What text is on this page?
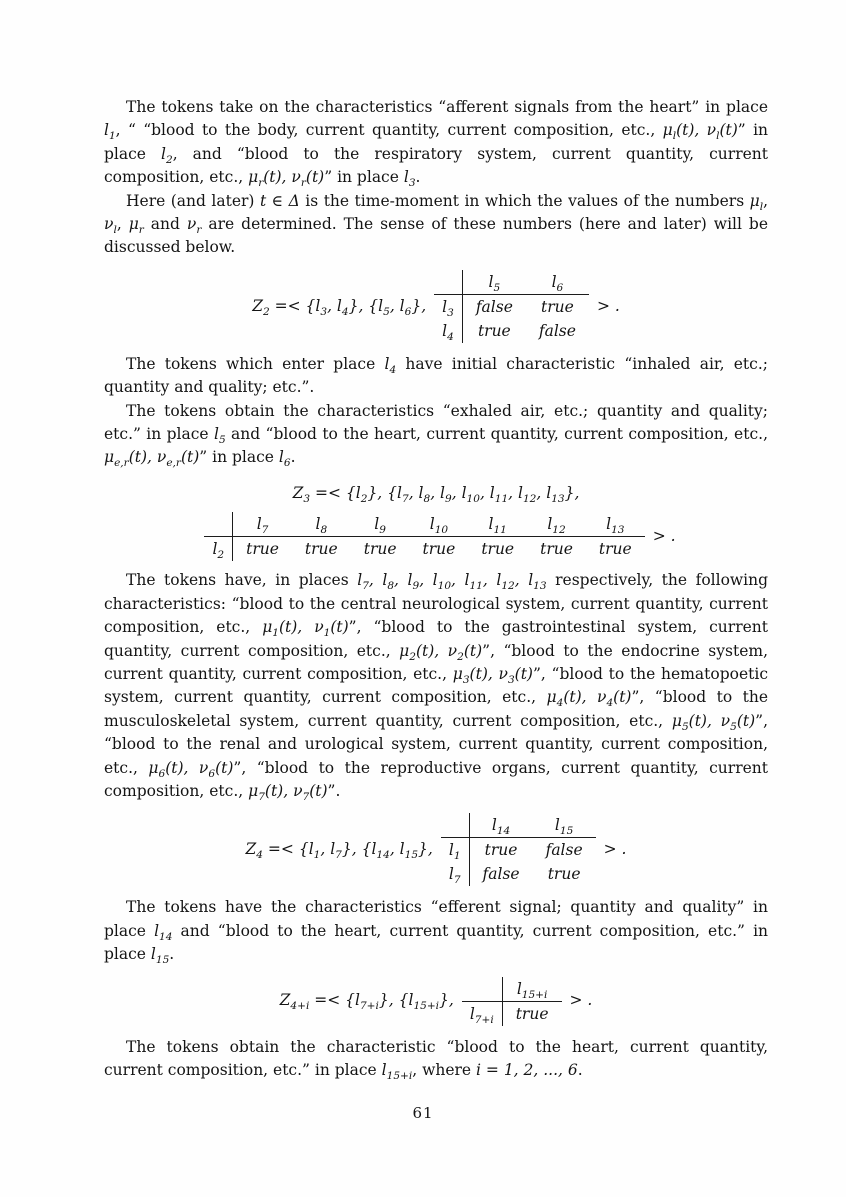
The tokens take on the characteristics “afferent signals from the heart” in place $l_1$, “ “blood to the body, current quantity, current composition, etc., $\mu_l(t)$, $\nu_l(t)$” in place $l_2$, and “blood to the respiratory system, current quantity, current composition, etc., $\mu_r(t)$, $\nu_r(t)$” in place $l_3$.

Here (and later) t ∈ Δ is the time-moment in which the values of the numbers $\mu_l$, $\nu_l$, $\mu_r$ and $\nu_r$ are determined. The sense of these numbers (here and later) will be discussed below.

$Z_2 =< \{l_3$, $l_4$}, {$l_5$, $l_6$},
	$l_5$	$l_6$
$l_3$	false	true
$l_4$	true	false
> .

The tokens which enter place $l_4$ have initial characteristic “inhaled air, etc.; quantity and quality; etc.”.

The tokens obtain the characteristics “exhaled air, etc.; quantity and quality; etc.” in place $l_5$ and “blood to the heart, current quantity, current composition, etc., $\mu_{e,r}(t)$, $\nu_{e,r}(t)$” in place $l_6$.

$Z_3 =< \{l_2\}$, {$l_7$, $l_8$, $l_9$, $l_{10}$, $l_{11}$, $l_{12}$, $l_{13}$},
	$l_7$	$l_8$	$l_9$	$l_{10}$	$l_{11}$	$l_{12}$	$l_{13}$
$l_2$	true	true	true	true	true	true	true
> .

The tokens have, in places $l_7$, $l_8$, $l_9$, $l_{10}$, $l_{11}$, $l_{12}$, $l_{13}$ respectively, the following characteristics: “blood to the central neurological system, current quantity, current composition, etc., $\mu_1(t)$, $\nu_1(t)$”, “blood to the gastrointestinal system, current quantity, current composition, etc., $\mu_2(t)$, $\nu_2(t)$”, “blood to the endocrine system, current quantity, current composition, etc., $\mu_3(t)$, $\nu_3(t)$”, “blood to the hematopoetic system, current quantity, current composition, etc., $\mu_4(t)$, $\nu_4(t)$”, “blood to the musculoskeletal system, current quantity, current composition, etc., $\mu_5(t)$, $\nu_5(t)$”, “blood to the renal and urological system, current quantity, current composition, etc., $\mu_6(t)$, $\nu_6(t)$”, “blood to the reproductive organs, current quantity, current composition, etc., $\mu_7(t)$, $\nu_7(t)$”.

$Z_4 =< \{l_1$, $l_7$}, {$l_{14}$, $l_{15}$},
	$l_{14}$	$l_{15}$
$l_1$	true	false
$l_7$	false	true
> .

The tokens have the characteristics “efferent signal; quantity and quality” in place $l_{14}$ and “blood to the heart, current quantity, current composition, etc.” in place $l_{15}$.

$Z_{4+i} =< \{l_{7+i}\}$, $\{l_{15+i}\}$,
	$l_{15+i}$
$l_{7+i}$	true
> .

The tokens obtain the characteristic “blood to the heart, current quantity, current composition, etc.” in place $l_{15+i}$, where i = 1, 2, ..., 6.

61
